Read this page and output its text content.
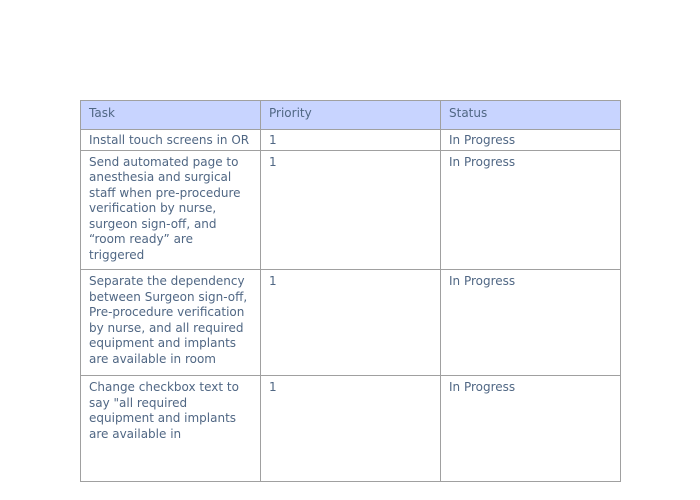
Task	Priority	Status
Install touch screens in OR	1	In Progress
Send automated page to anesthesia and surgical staff when pre-procedure verification by nurse, surgeon sign-off, and “room ready” are triggered	1	In Progress
Separate the dependency between Surgeon sign-off, Pre-procedure verification by nurse, and all required equipment and implants are available in room	1	In Progress
Change checkbox text to say "all required equipment and implants are available in	1	In Progress
